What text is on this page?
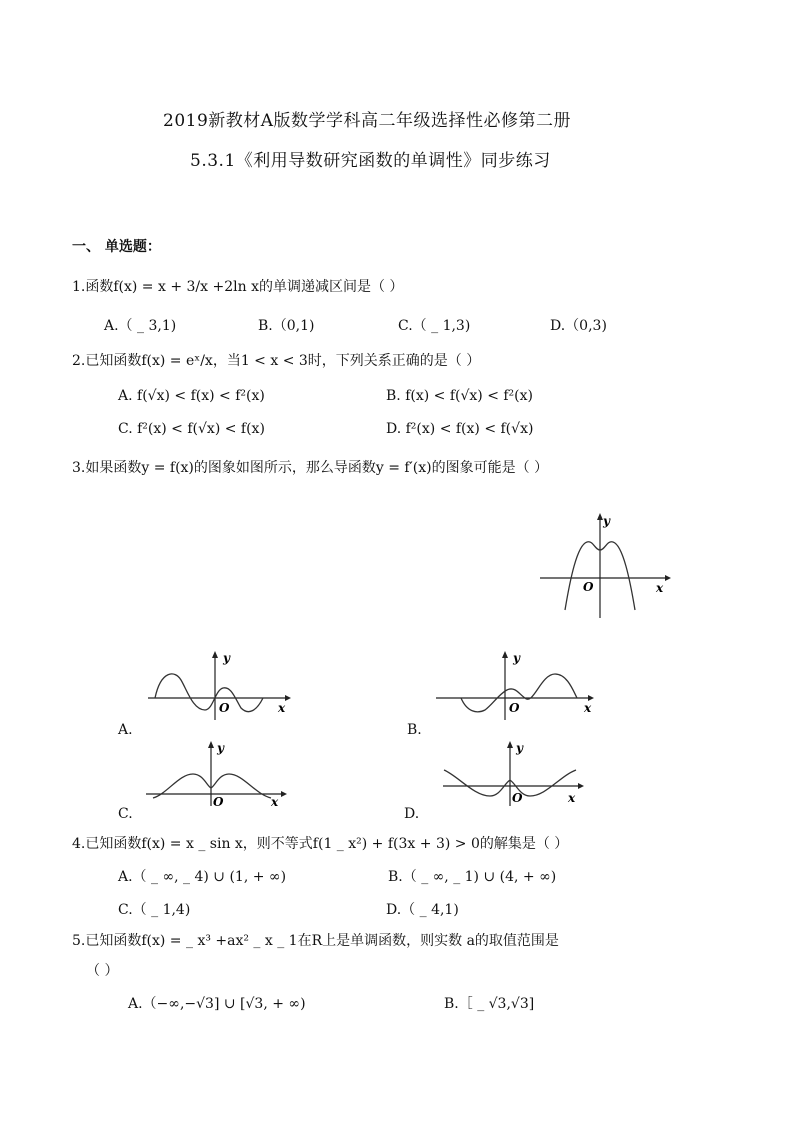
2019新教材A版数学学科高二年级选择性必修第二册
5.3.1《利用导数研究函数的单调性》同步练习
一、 单选题：
1.函数f(x) = x + 3/x +2ln x的单调递减区间是（ ）
A.（ _ 3,1)	B.（0,1)	C.（ _ 1,3)	D.（0,3)
2.已知函数f(x) = eˣ/x，当1 < x < 3时，下列关系正确的是（ ）
A. f(√x) < f(x) < f²(x)	B. f(x) < f(√x) < f²(x)
C. f²(x) < f(√x) < f(x)	D. f²(x) < f(x) < f(√x)
3.如果函数y = f(x)的图象如图所示，那么导函数y = f′(x)的图象可能是（ ）
y
x
O
y
x
O
A.
y
x
O
B.
y
x
O
C.
y
x
O
D.
4.已知函数f(x) = x _ sin x，则不等式f(1 _ x²) + f(3x + 3) > 0的解集是（ ）
A.（ _ ∞, _ 4) ∪ (1, + ∞)	B.（ _ ∞, _ 1) ∪ (4, + ∞)
C.（ _ 1,4)	D.（ _ 4,1)
5.已知函数f(x) = _ x³ +ax² _ x _ 1在R上是单调函数，则实数 a的取值范围是
（ ）
A.（−∞,−√3] ∪ [√3, + ∞)	B.［ _ √3,√3]
